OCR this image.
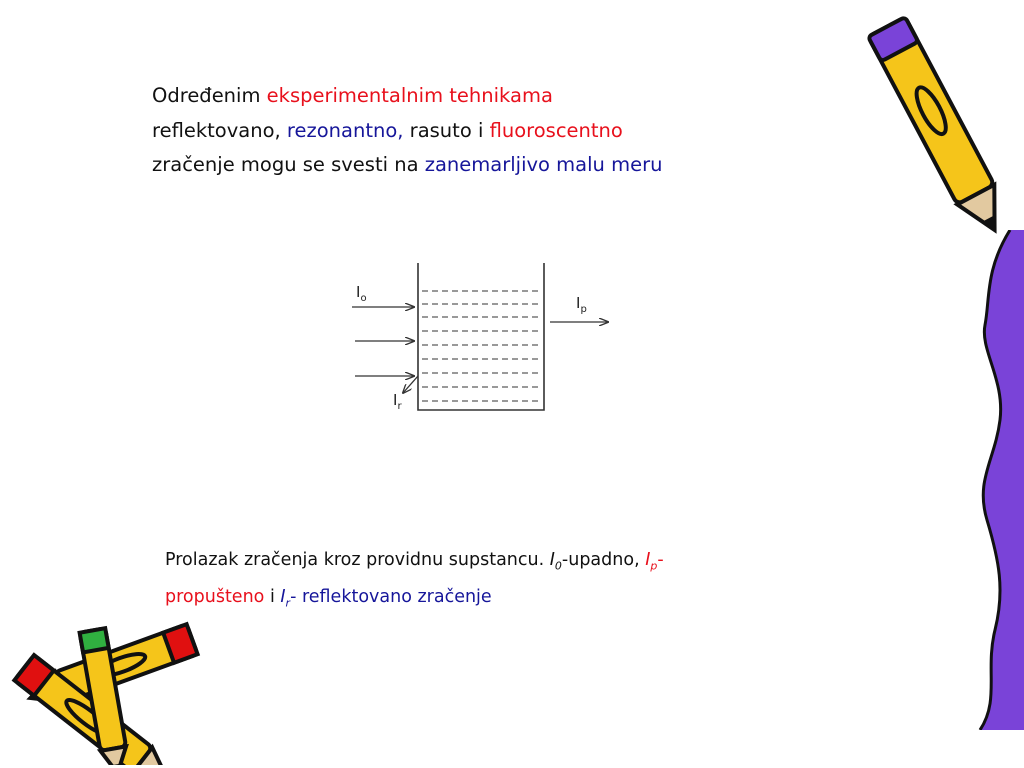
Određenim eksperimentalnim tehnikama
reflektovano, rezonantno, rasuto i fluoroscentno
zračenje mogu se svesti na zanemarljivo malu meru
$I_o$	$I_p$
$I_r$
Prolazak zračenja kroz providnu supstancu. $I_0$-upadno, $I_p-$
propušteno i $I_r-$ reflektovano zračenje
